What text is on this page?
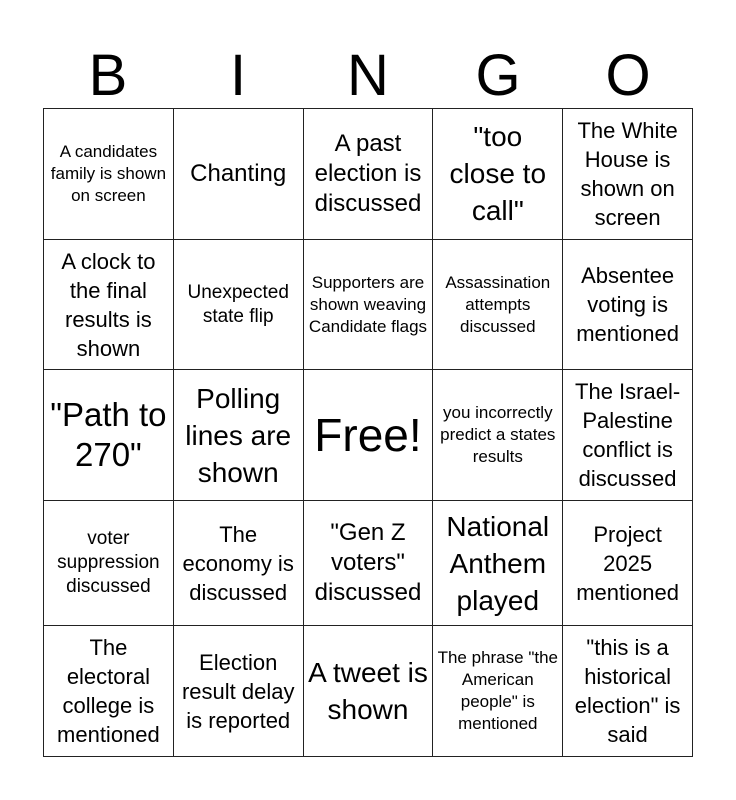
B	I	N	G	O
A candidates family is shown on screen	Chanting	A past election is discussed	"too close to call"	The White House is shown on screen
A clock to the final results is shown	Unexpected state flip	Supporters are shown weaving Candidate flags	Assassination attempts discussed	Absentee voting is mentioned
"Path to 270"	Polling lines are shown	Free!	you incorrectly predict a states results	The Israel-Palestine conflict is discussed
voter suppression discussed	The economy is discussed	"Gen Z voters" discussed	National Anthem played	Project 2025 mentioned
The electoral college is mentioned	Election result delay is reported	A tweet is shown	The phrase "the American people" is mentioned	"this is a historical election" is said
